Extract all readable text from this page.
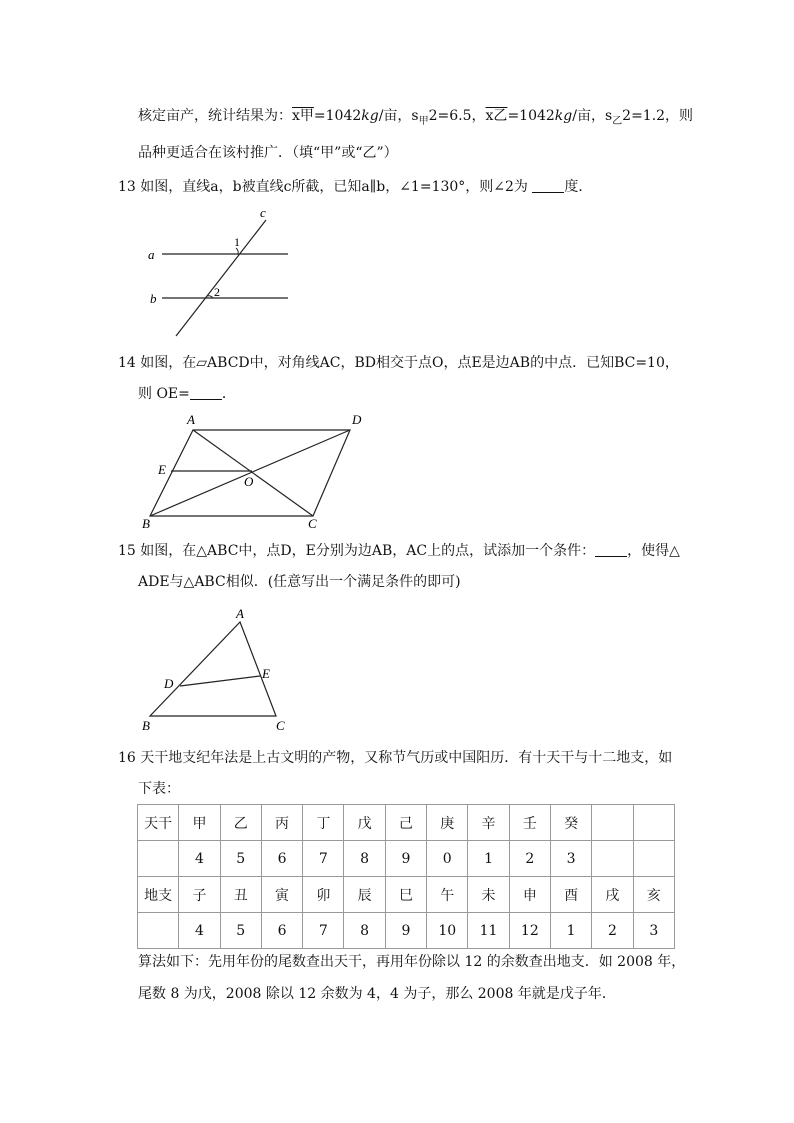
核定亩产，统计结果为：x甲=1042kg/亩，$s_甲2=6.5$，x乙=1042kg/亩，$s_乙2=1.2$，则
品种更适合在该村推广．（填“甲”或“乙”）
13 如图，直线a，b被直线c所截，已知a∥b，∠1=130°，则∠2为	度．
c
a
b
1
2
14 如图，在▱ABCD中，对角线AC，BD相交于点O，点E是边AB的中点．已知BC=10，
则 OE= ．
A	D
E
O
B	C
15 如图，在△ABC中，点D，E分别为边AB，AC上的点，试添加一个条件： ，使得△
ADE与△ABC相似．(任意写出一个满足条件的即可)
A
D
E
B	C
16 天干地支纪年法是上古文明的产物，又称节气历或中国阳历．有十天干与十二地支，如
下表：
天干	甲	乙	丙	丁	戊	己	庚	辛	壬	癸		
	4	5	6	7	8	9	0	1	2	3		
地支	子	丑	寅	卯	辰	巳	午	未	申	酉	戌	亥
	4	5	6	7	8	9	10	11	12	1	2	3
算法如下：先用年份的尾数查出天干，再用年份除以 12 的余数查出地支．如 2008 年，
尾数 8 为戊，2008 除以 12 余数为 4，4 为子，那么 2008 年就是戊子年．
